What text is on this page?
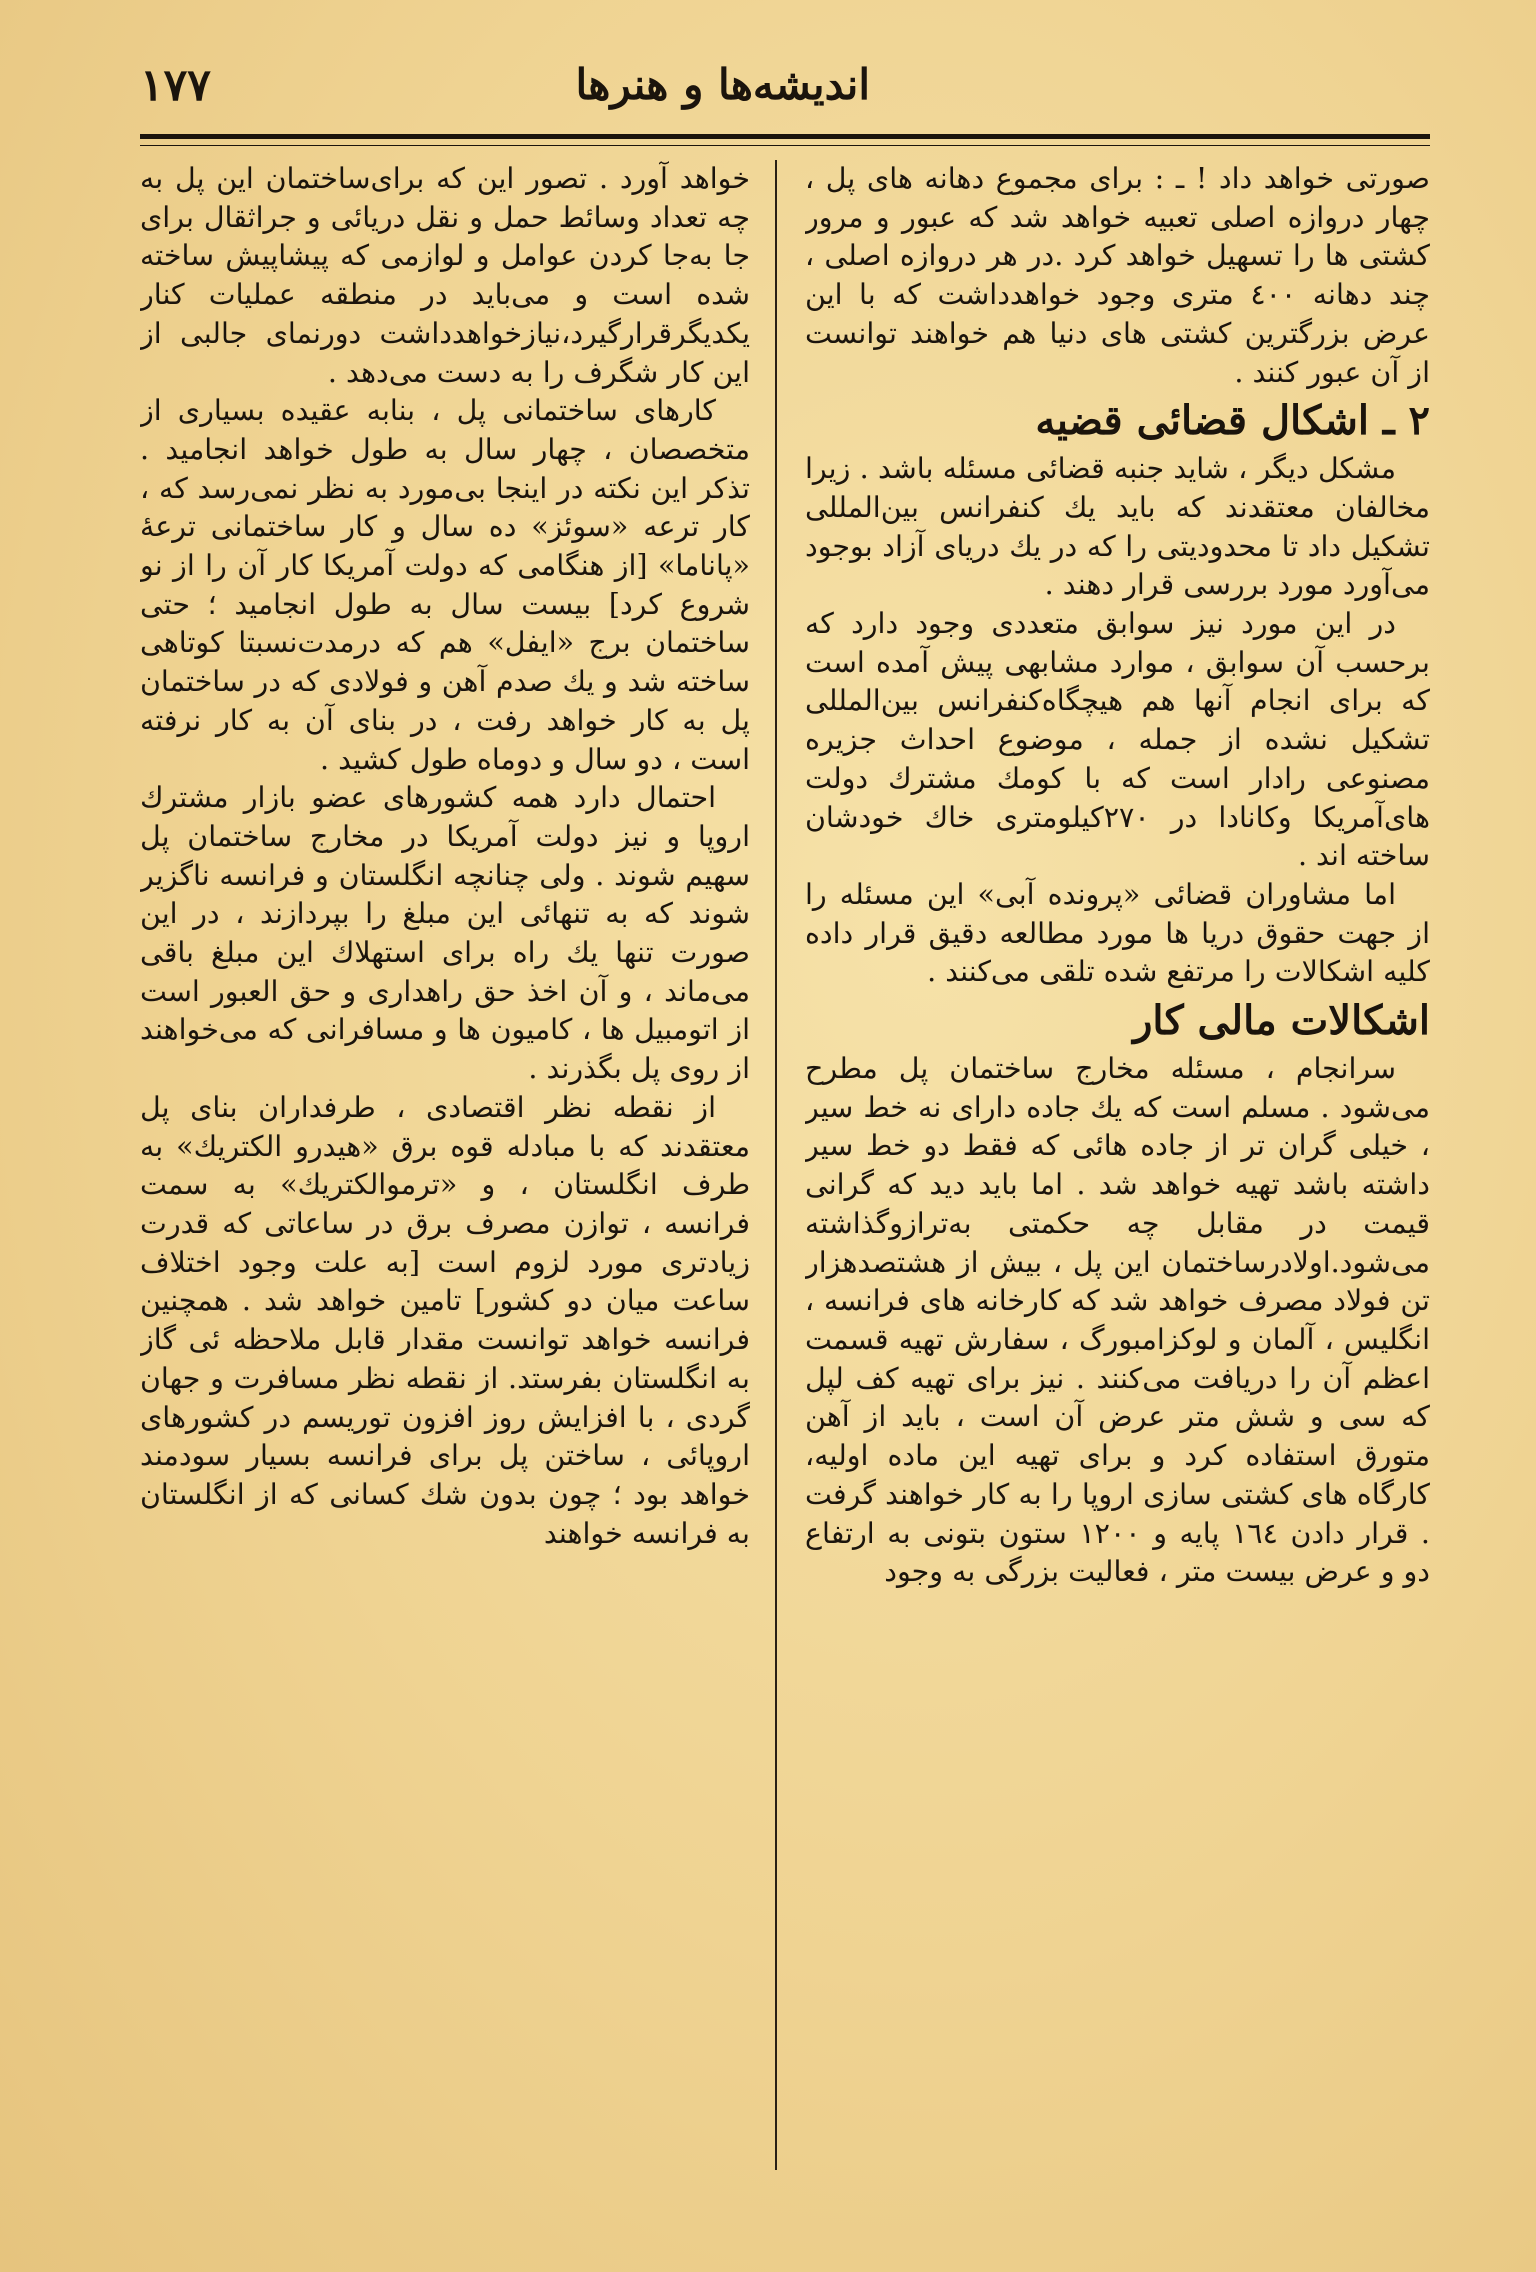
اندیشه‌ها و هنرها
۱۷۷

صورتی خواهد داد ! ـ : برای مجموع دهانه های پل ، چهار دروازه اصلی تعبیه خواهد شد که عبور و مرور کشتی ها را تسهیل خواهد کرد .در هر دروازه اصلی ، چند دهانه ٤۰۰ متری وجود خواهدداشت که با این عرض بزرگترین کشتی های دنیا هم خواهند توانست از آن عبور کنند .

۲ ـ اشکال قضائی قضیه

مشکل دیگر ، شاید جنبه قضائی مسئله باشد . زیرا مخالفان معتقدند که باید یك کنفرانس بین‌المللی تشکیل داد تا محدودیتی را که در یك دریای آزاد بوجود می‌آورد مورد بررسی قرار دهند .

در این مورد نیز سوابق متعددی وجود دارد که برحسب آن سوابق ، موارد مشابهی پیش آمده است که برای انجام آنها هم هیچگاه‌کنفرانس بین‌المللی تشکیل نشده از جمله ، موضوع احداث جزیره مصنوعی رادار است که با کومك مشترك دولت های‌آمریکا وکانادا در ۲۷۰کیلومتری خاك خودشان ساخته اند .

اما مشاوران قضائی «پرونده آبی» این مسئله را از جهت حقوق دریا ها مورد مطالعه دقیق قرار داده کلیه اشکالات را مرتفع شده تلقی می‌کنند .

اشکالات مالی کار

سرانجام ، مسئله مخارج ساختمان پل مطرح می‌شود . مسلم است که یك جاده دارای نه خط سیر ، خیلی گران تر از جاده هائی که فقط دو خط سیر داشته باشد تهیه خواهد شد . اما باید دید که گرانی قیمت در مقابل چه حکمتی به‌ترازوگذاشته می‌شود.اولادرساختمان این پل ، بیش از هشتصدهزار تن فولاد مصرف خواهد شد که کارخانه های فرانسه ، انگلیس ، آلمان و لوکزامبورگ ، سفارش تهیه قسمت اعظم آن را دریافت می‌کنند . نیز برای تهیه کف لپل که سی و شش متر عرض آن است ، باید از آهن متورق استفاده کرد و برای تهیه این ماده اولیه، کارگاه های کشتی سازی اروپا را به کار خواهند گرفت . قرار دادن ١٦٤ پایه و ۱۲۰۰ ستون بتونی به ارتفاع دو و عرض بیست متر ، فعالیت بزرگی به وجود

خواهد آورد . تصور این که برای‌ساختمان این پل به چه تعداد وسائط حمل و نقل دریائی و جراثقال برای جا به‌جا کردن عوامل و لوازمی که پیشاپیش ساخته شده است و می‌باید در منطقه عملیات کنار یکدیگرقرارگیرد،نیازخواهدداشت دورنمای جالبی از این کار شگرف را به دست می‌دهد .

کارهای ساختمانی پل ، بنابه عقیده بسیاری از متخصصان ، چهار سال به طول خواهد انجامید . تذکر این نکته در اینجا بی‌مورد به نظر نمی‌رسد که ، کار ترعه «سوئز» ده سال و کار ساختمانی ترعهٔ «پاناما» [از هنگامی که دولت آمریکا کار آن را از نو شروع کرد] بیست سال به طول انجامید ؛ حتی ساختمان برج «ایفل» هم که درمدت‌نسبتا کوتاهی ساخته شد و یك صدم آهن و فولادی که در ساختمان پل به کار خواهد رفت ، در بنای آن به کار نرفته است ، دو سال و دوماه طول کشید .

احتمال دارد همه کشورهای عضو بازار مشترك اروپا و نیز دولت آمریکا در مخارج ساختمان پل سهیم شوند . ولی چنانچه انگلستان و فرانسه ناگزیر شوند که به تنهائی این مبلغ را بپردازند ، در این صورت تنها یك راه برای استهلاك این مبلغ باقی می‌ماند ، و آن اخذ حق راهداری و حق العبور است از اتومبیل ها ، کامیون ها و مسافرانی که می‌خواهند از روی پل بگذرند .

از نقطه نظر اقتصادی ، طرفداران بنای پل معتقدند که با مبادله قوه برق «هیدرو الکتریك» به طرف انگلستان ، و «ترموالکتریك» به سمت فرانسه ، توازن مصرف برق در ساعاتی که قدرت زیادتری مورد لزوم است [به علت وجود اختلاف ساعت میان دو کشور] تامین خواهد شد . همچنین فرانسه خواهد توانست مقدار قابل ملاحظه ئی گاز به انگلستان بفرستد. از نقطه نظر مسافرت و جهان گردی ، با افزایش روز افزون توریسم در کشورهای اروپائی ، ساختن پل برای فرانسه بسیار سودمند خواهد بود ؛ چون بدون شك کسانی که از انگلستان به فرانسه خواهند
